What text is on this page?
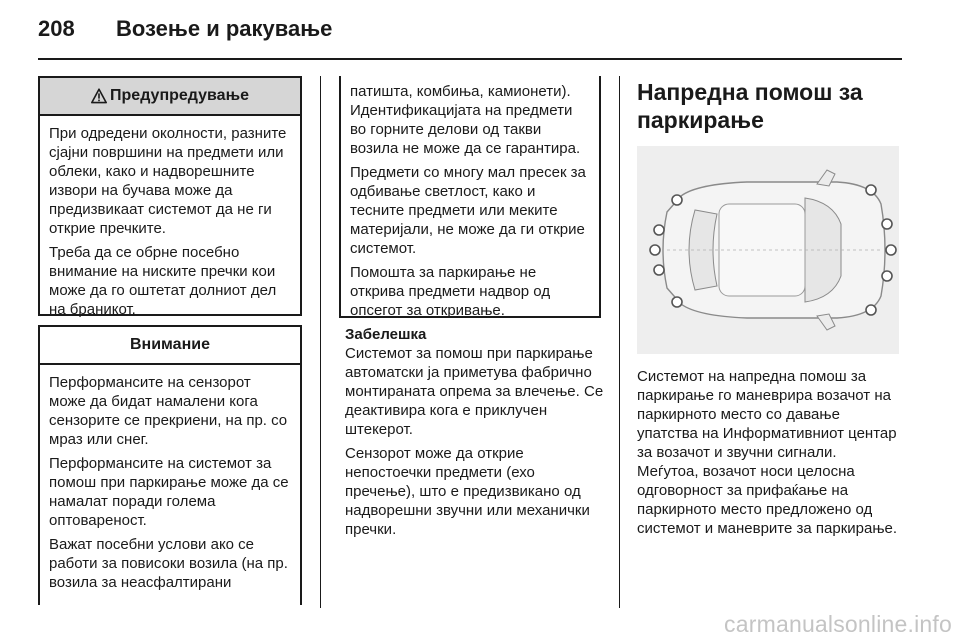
208	Возење и ракување
Предупредување

При одредени околности, разните сјајни површини на предмети или облеки, како и надворешните извори на бучава може да предизвикаат системот да не ги открие пречките.

Треба да се обрне посебно внимание на ниските пречки кои може да го оштетат долниот дел на браникот.

Внимание

Перформансите на сензорот може да бидат намалени кога сензорите се прекриени, на пр. со мраз или снег.

Перформансите на системот за помош при паркирање може да се намалат поради голема оптовареност.

Важат посебни услови ако се работи за повисоки возила (на пр. возила за неасфалтирани

патишта, комбиња, камионети). Идентификацијата на предмети во горните делови од такви возила не може да се гарантира.

Предмети со многу мал пресек за одбивање светлост, како и тесните предмети или меките материјали, не може да ги открие системот.

Помошта за паркирање не открива предмети надвор од опсегот за откривање.

Забелешка

Системот за помош при паркирање автоматски ја приметува фабрично монтираната опрема за влечење. Се деактивира кога е приклучен штекерот.

Сензорот може да открие непостоечки предмети (ехо пречење), што е предизвикано од надворешни звучни или механички пречки.

Напредна помош за паркирање

Системот на напредна помош за паркирање го маневрира возачот на паркирното место со давање упатства на Информативниот центар за возачот и звучни сигнали. Меѓутоа, возачот носи целосна одговорност за прифаќање на паркирното место предложено од системот и маневрите за паркирање.

carmanualsonline.info
